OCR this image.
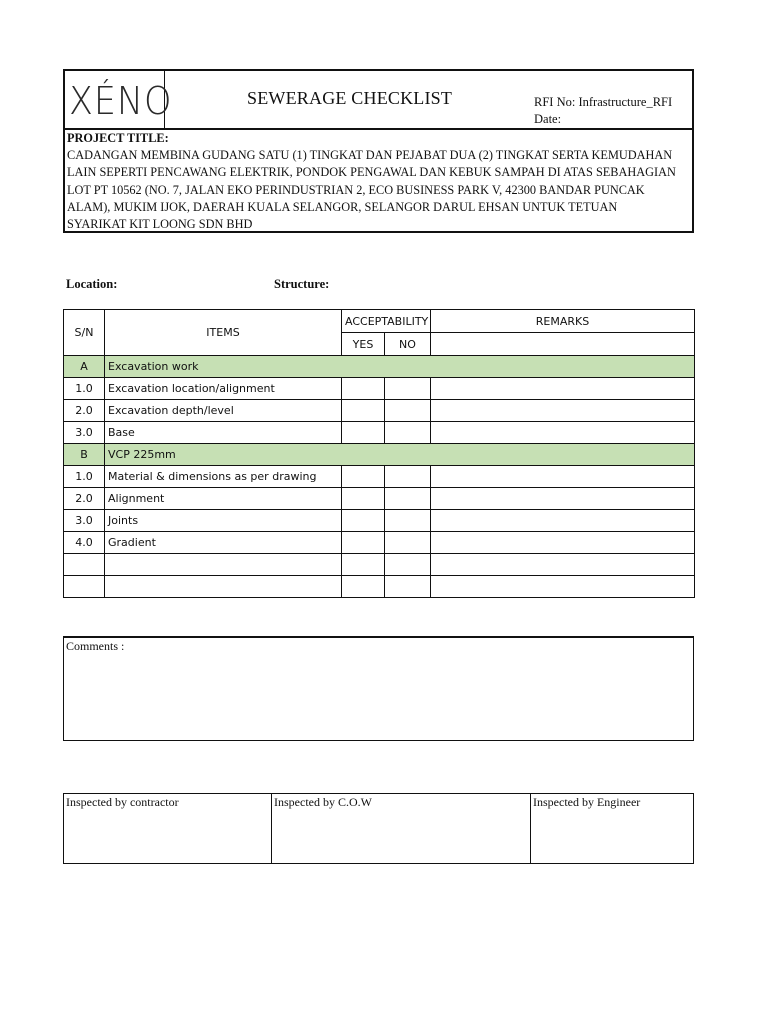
XÉNO	SEWERAGE CHECKLIST	RFI No: Infrastructure_RFI
Date:
PROJECT TITLE:
CADANGAN MEMBINA GUDANG SATU (1) TINGKAT DAN PEJABAT DUA (2) TINGKAT SERTA KEMUDAHAN
LAIN SEPERTI PENCAWANG ELEKTRIK, PONDOK PENGAWAL DAN KEBUK SAMPAH DI ATAS SEBAHAGIAN
LOT PT 10562 (NO. 7, JALAN EKO PERINDUSTRIAN 2, ECO BUSINESS PARK V, 42300 BANDAR PUNCAK
ALAM), MUKIM IJOK, DAERAH KUALA SELANGOR, SELANGOR DARUL EHSAN UNTUK TETUAN
SYARIKAT KIT LOONG SDN BHD
Location:	Structure:
S/N	ITEMS	ACCEPTABILITY		REMARKS
		YES	NO	
A	Excavation work			
1.0	Excavation location/alignment			
2.0	Excavation depth/level			
3.0	Base			
B	VCP 225mm			
1.0	Material & dimensions as per drawing			
2.0	Alignment			
3.0	Joints			
4.0	Gradient			

Comments :
Inspected by contractor	Inspected by C.O.W	Inspected by Engineer
